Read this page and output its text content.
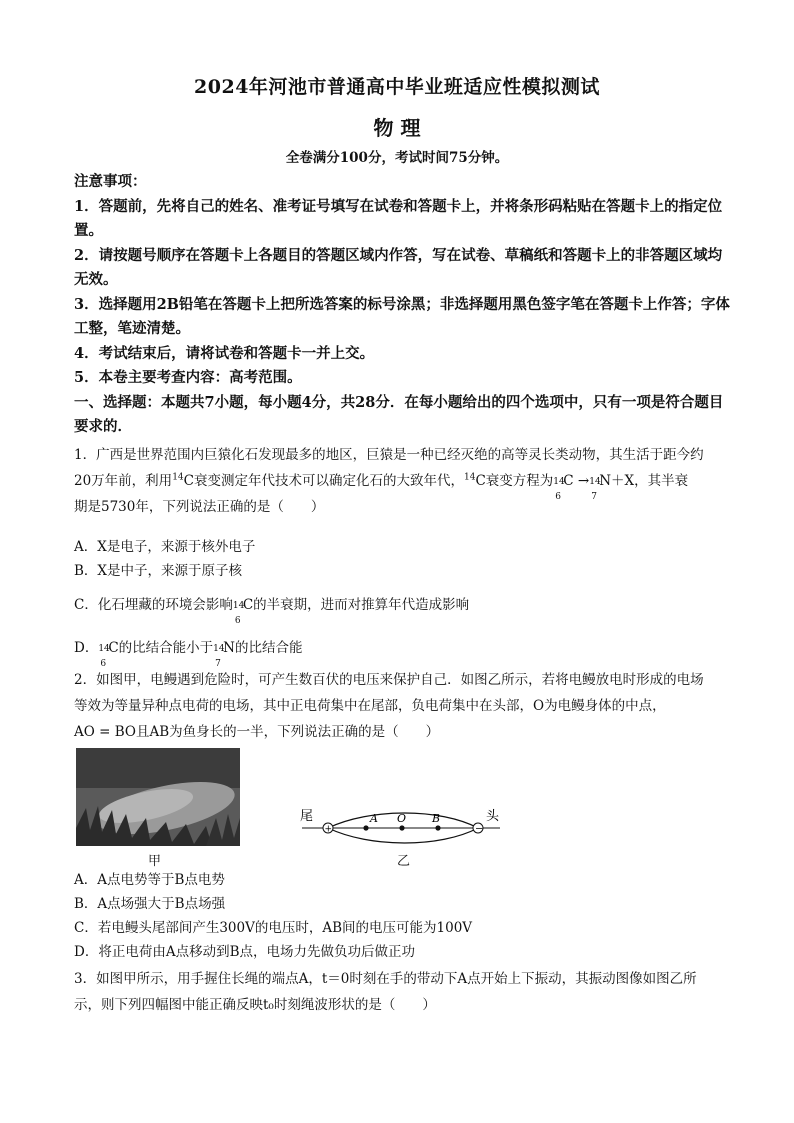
2024年河池市普通高中毕业班适应性模拟测试
物 理
全卷满分100分，考试时间75分钟。
注意事项：
1．答题前，先将自己的姓名、准考证号填写在试卷和答题卡上，并将条形码粘贴在答题卡上的指定位置。
2．请按题号顺序在答题卡上各题目的答题区域内作答，写在试卷、草稿纸和答题卡上的非答题区域均无效。
3．选择题用2B铅笔在答题卡上把所选答案的标号涂黑；非选择题用黑色签字笔在答题卡上作答；字体工整，笔迹清楚。
4．考试结束后，请将试卷和答题卡一并上交。
5．本卷主要考查内容：高考范围。
一、选择题：本题共7小题，每小题4分，共28分．在每小题给出的四个选项中，只有一项是符合题目要求的．
1．广西是世界范围内巨猿化石发现最多的地区，巨猿是一种已经灭绝的高等灵长类动物，其生活于距今约
20万年前，利用$^{14}$C衰变测定年代技术可以确定化石的大致年代，$^{14}$C衰变方程为 14
6
C → 14
7
N＋X，其半衰
期是5730年，下列说法正确的是（　　）
A．X是电子，来源于核外电子
B．X是中子，来源于原子核
C．化石埋藏的环境会影响 14
6
C的半衰期，进而对推算年代造成影响
D． 14
6
C的比结合能小于 14
7
N的比结合能
2．如图甲，电鳗遇到危险时，可产生数百伏的电压来保护自己．如图乙所示，若将电鳗放电时形成的电场
等效为等量异种点电荷的电场，其中正电荷集中在尾部，负电荷集中在头部，O为电鳗身体的中点，
AO = BO且AB为鱼身长的一半，下列说法正确的是（　　）
甲
+	−
A O B
尾	头
乙
A．A点电势等于B点电势
B．A点场强大于B点场强
C．若电鳗头尾部间产生300V的电压时，AB间的电压可能为100V
D．将正电荷由A点移动到B点，电场力先做负功后做正功
3．如图甲所示，用手握住长绳的端点A，t＝0时刻在手的带动下A点开始上下振动，其振动图像如图乙所
示，则下列四幅图中能正确反映t₀时刻绳波形状的是（　　）
